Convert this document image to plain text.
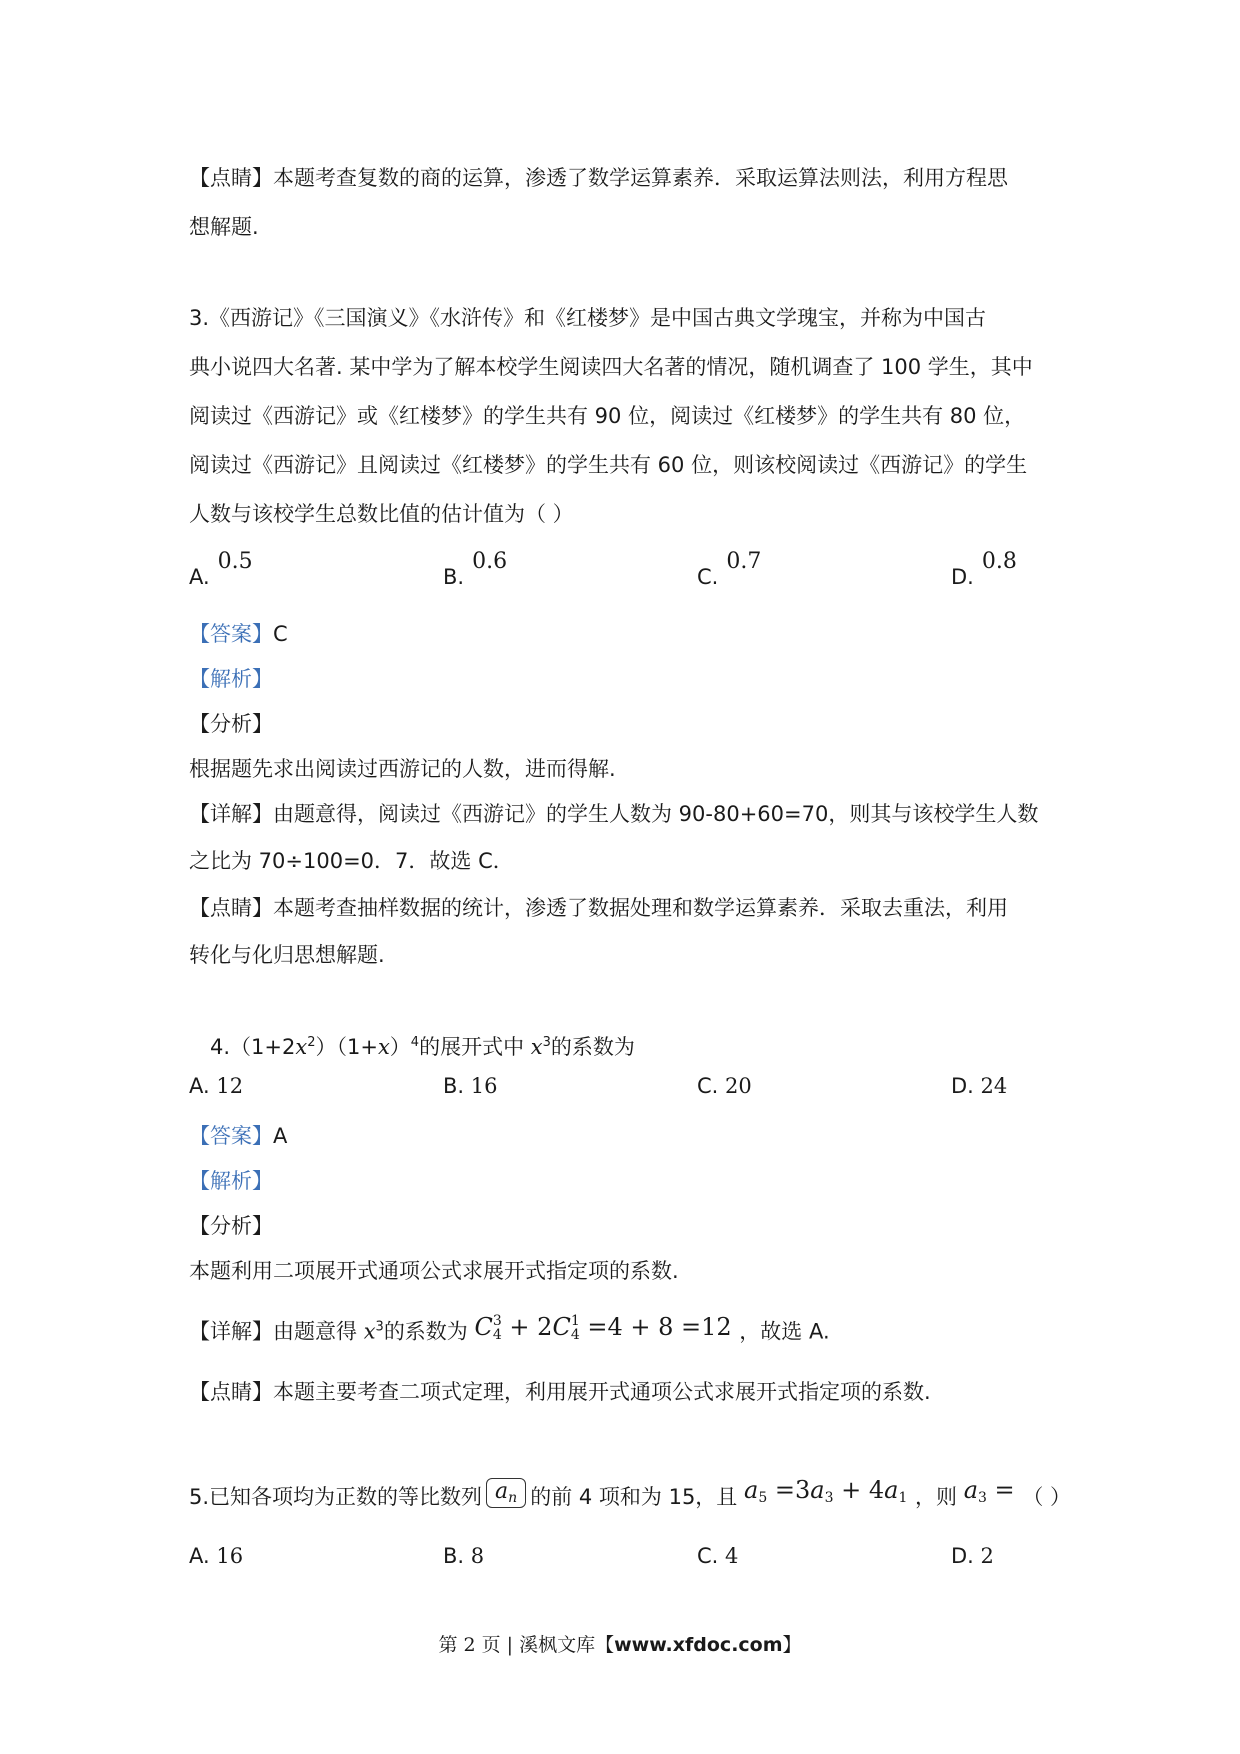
【点睛】本题考查复数的商的运算，渗透了数学运算素养．采取运算法则法，利用方程思
想解题.
3.《西游记》《三国演义》《水浒传》和《红楼梦》是中国古典文学瑰宝，并称为中国古
典小说四大名著. 某中学为了解本校学生阅读四大名著的情况，随机调查了 100 学生，其中
阅读过《西游记》或《红楼梦》的学生共有 90 位，阅读过《红楼梦》的学生共有 80 位，
阅读过《西游记》且阅读过《红楼梦》的学生共有 60 位，则该校阅读过《西游记》的学生
人数与该校学生总数比值的估计值为（ ）
A.0.5
B.0.6
C.0.7
D.0.8
【答案】C
【解析】
【分析】
根据题先求出阅读过西游记的人数，进而得解.
【详解】由题意得，阅读过《西游记》的学生人数为 90-80+60=70，则其与该校学生人数
之比为 70÷100=0．7．故选 C．
【点睛】本题考查抽样数据的统计，渗透了数据处理和数学运算素养．采取去重法，利用
转化与化归思想解题.
$4.(1+2x^2)(1+x)^4$的展开式中 $x^3$的系数为
A. 12	B. 16	C. 20	D. 24
【答案】A
【解析】
【分析】
本题利用二项展开式通项公式求展开式指定项的系数.
【详解】由题意得 $x^3$的系数为 C 3
4 + 2C 1
4 =4 + 8 =12 ，故选 A.
【点睛】本题主要考查二项式定理，利用展开式通项公式求展开式指定项的系数.
5.已知各项均为正数的等比数列 $a_n$ 的前 4 项和为 15，且 $a_5 =3a_3 + 4a_1$ ，则 $a_3$ = （ ）
A. 16	B. 8	C. 4	D. 2
第 2 页 | 溪枫文库【www.xfdoc.com】
